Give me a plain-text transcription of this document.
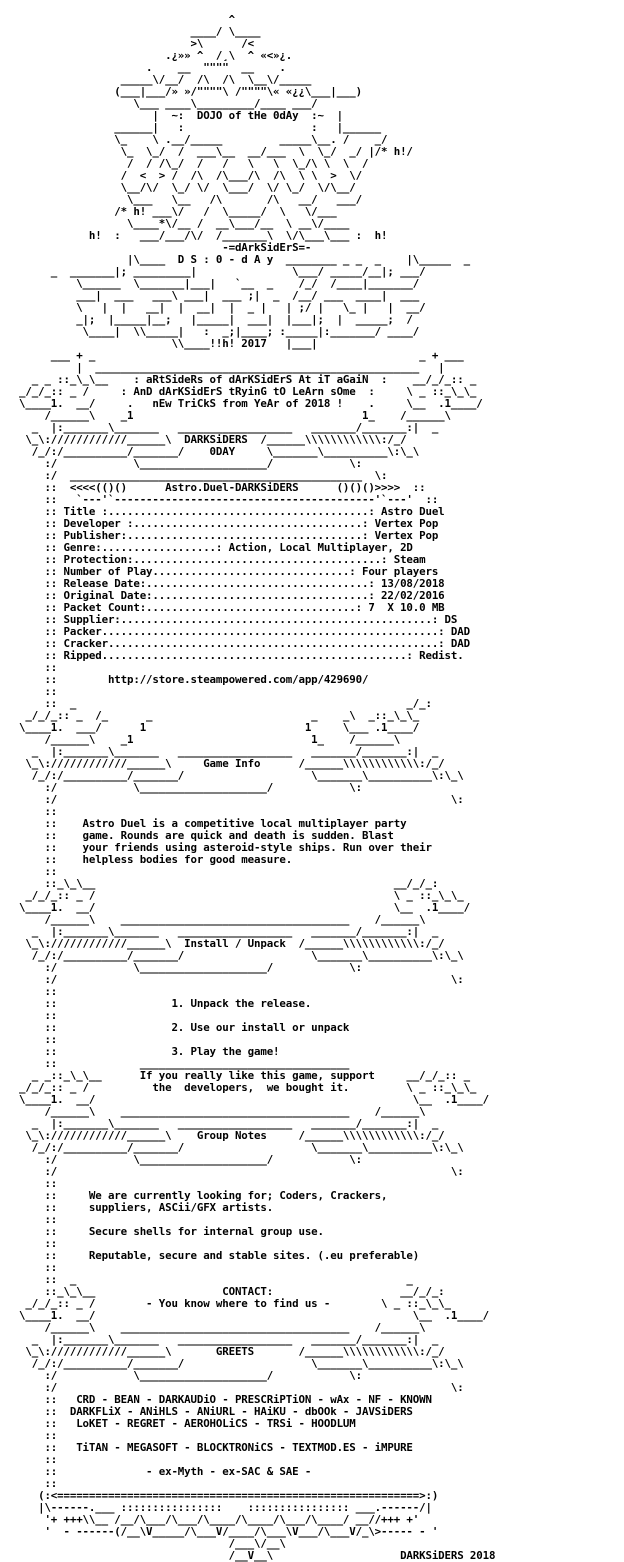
^
____/ \____
>\      /<
.¿»» ^  /¸\  ^ «<»¿.
.    __  """"  __    .
_____\/__/  /\  /\  \__\/_____
(___|___/» »/""""\ /""""\« «¿¿\___|___)
\___ ____\_________/____ ___/
|  ~:  DOJO of tHe 0dAy  :~  |
______|   :                    :   |______
\_    \ .__/_____         _____\__. /    _/
\_  \_/  /  ___\__  __/___  \  \_/  _/ |/* h!/
/  / /\_/  /   /   \   \  \_/\ \  \  /
/  <  > /  /\  /\___/\  /\  \ \  >  \/
\__/\/  \_/ \/  \___/  \/ \_/  \/\__/
\___   \__   /\       /\   __/   ___/
/* h! ___\/   /  \_____/  \   \/___
\____*\/__ /  __\___/__  \ __\/____
h!  :   ___/___/\/  /_______\  \/\___\___ :  h!
-=dArkSidErS=-
|\____  D S : 0 - d A y  ________ _ _  _    |\_____  _
_  _______|; _________|               \___/ _____/__|; ___/
\______  \_______|___|   `__  _    /_/  /____|_______/
___|  ___   ___\ ___|  ___ ;|  _  /__/ ___  ____|  ___
\   |  |   __|  |  __|  |  _ |   | ;/ |   \_ |   |  __/
_|;  |_____|__;   |_____|  ___|  |___|;  |  _____;  /
\____|  \\_____|   :  _;|____; :_____|:_______/ ____/
\\____!!h! 2017   |___|
___ + _                                                   _ + ___
|  ___________________________________________________   |
_ _ ::_\_\__    : aRtSideRs of dArKSidErS At iT aGaiN  :    __/_/_:: _
_/_/_:: _ /     : AnD dArKSidErS tRyinG tO LeArn sOme  :     \ _ ::_\_\_
\____1.  __/     .   nEw TriCkS from YeAr of 2018 !    .     \__  .1____/
/______\    _1                                    1_    /______\
_  |:_______\_______   __________________   _______/_______:|  _
\_\:////////////______\  DARKSiDERS  /______\\\\\\\\\\\\:/_/
/_/:/__________/_______/    0DAY     \_______\__________\:\_\
:/            \____________________/            \:
:/  ______________________________________________  \:
::  <<<<(()()      Astro.Duel-DARKSiDERS      ()()()>>>>  ::
::   `---'`-----------------------------------------'`---'  ::
:: Title :.........................................: Astro Duel
:: Developer :....................................: Vertex Pop
:: Publisher:.....................................: Vertex Pop
:: Genre:..................: Action, Local Multiplayer, 2D
:: Protection:.......................................: Steam
:: Number of Play...............................: Four players
:: Release Date:...................................: 13/08/2018
:: Original Date:..................................: 22/02/2016
:: Packet Count:.................................: 7  X 10.0 MB
:: Supplier:.................................................: DS
:: Packer.....................................................: DAD
:: Cracker....................................................: DAD
:: Ripped................................................: Redist.
::
::        http://store.steampowered.com/app/429690/
::
::  _                                                    _/_:
_/_/_:: _  /_      _                         _    _\  _::_\_\_
\____1.  ___/      1                         1     \___ .1____/
/______\    _1                            1_    /______\
_  |:_______\_______   __________________   _______/_______:|  _
\_\:////////////______\     Game Info      /______\\\\\\\\\\\\:/_/
/_/:/__________/_______/                    \_______\__________\:\_\
:/            \____________________/            \:
:/                                                              \:
::
::    Astro Duel is a competitive local multiplayer party
::    game. Rounds are quick and death is sudden. Blast
::    your friends using asteroid-style ships. Run over their
::    helpless bodies for good measure.
::
::_\_\__                                               __/_/_:
_/_/_:: _ /                                               \ _ ::_\_\_
\____1.  __/                                               \__  .1____/
/______\    ____________________________________    /______\
_  |:_______\_______   __________________   _______/_______:|  _
\_\:////////////______\  Install / Unpack  /______\\\\\\\\\\\\:/_/
/_/:/__________/_______/                    \_______\__________\:\_\
:/            \____________________/            \:
:/                                                              \:
::
::                  1. Unpack the release.
::
::                  2. Use our install or unpack
::
::                  3. Play the game!
::             _________________________________
_ _::_\_\__      If you really like this game, support     __/_/_:: _
_/_/_:: _ /          the  developers,  we bought it.         \ _ ::_\_\_
\____1.  __/                                                  \__  .1____/
/______\    ____________________________________    /______\
_  |:_______\_______   __________________   _______/_______:|  _
\_\:////////////______\    Group Notes     /______\\\\\\\\\\\\:/_/
/_/:/__________/_______/                    \_______\__________\:\_\
:/            \____________________/            \:
:/                                                              \:
::
::     We are currently looking for; Coders, Crackers,
::     suppliers, ASCii/GFX artists.
::
::     Secure shells for internal group use.
::
::     Reputable, secure and stable sites. (.eu preferable)
::
::  _                                                    _
::_\_\__                    CONTACT:                    __/_/_:
_/_/_:: _ /        - You know where to find us -        \ _ ::_\_\_
\____1.  __/                                                  \__  .1____/
/______\    ____________________________________    /______\
_  |:_______\_______   __________________   _______/_______:|  _
\_\:////////////______\       GREETS       /______\\\\\\\\\\\\:/_/
/_/:/__________/_______/                    \_______\__________\:\_\
:/            \____________________/            \:
:/                                                              \:
::   CRD - BEAN - DARKAUDiO - PRESCRiPTiON - wAx - NF - KNOWN
::  DARKFLiX - ANiHLS - ANiURL - HAiKU - dbOOk - JAVSiDERS
::   LoKET - REGRET - AEROHOLiCS - TRSi - HOODLUM
::
::   TiTAN - MEGASOFT - BLOCKTRONiCS - TEXTMOD.ES - iMPURE
::
::              - ex-Myth - ex-SAC & SAE -
::
(:<=========================================================>:)
|\------.___ ::::::::::::::::    :::::::::::::::: ___.------/|
'+ +++\\__ /__/\___/\___/\____/\____/\___/\____/ __//+++ +'
'  - ------(/__\V_____/\___V/____/\___\V___/\___V/_\>----- - '
/___\/__\
/__V__\                    DARKSiDERS 2018
